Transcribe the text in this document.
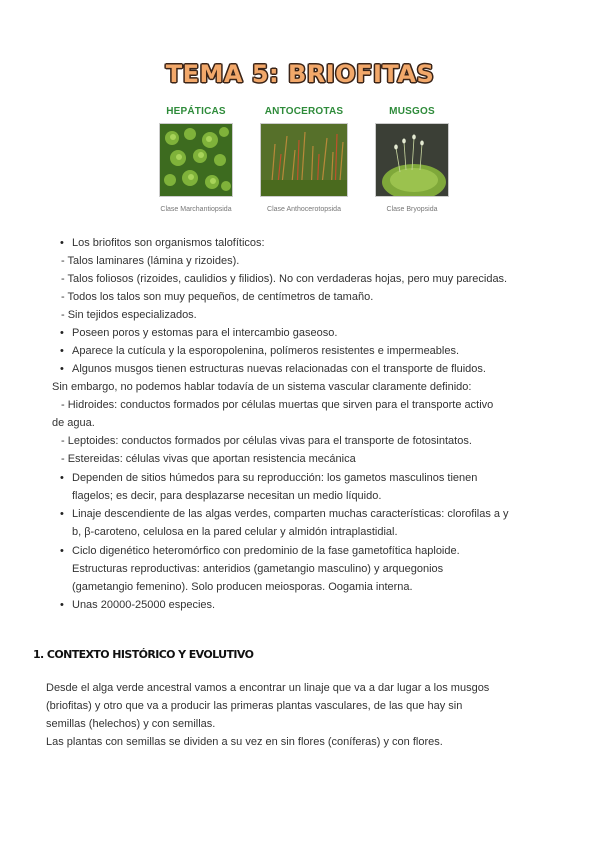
TEMA 5: BRIOFITAS
HEPÁTICAS
Clase Marchantiopsida
ANTOCEROTAS
Clase Anthocerotopsida
MUSGOS
Clase Bryopsida
• Los briofitos son organismos talofíticos:
- Talos laminares (lámina y rizoides).
- Talos foliosos (rizoides, caulidios y filidios). No con verdaderas hojas, pero muy parecidas.
- Todos los talos son muy pequeños, de centímetros de tamaño.
- Sin tejidos especializados.
• Poseen poros y estomas para el intercambio gaseoso.
• Aparece la cutícula y la esporopolenina, polímeros resistentes e impermeables.
• Algunos musgos tienen estructuras nuevas relacionadas con el transporte de fluidos.
Sin embargo, no podemos hablar todavía de un sistema vascular claramente definido:
- Hidroides: conductos formados por células muertas que sirven para el transporte activo
de agua.
- Leptoides: conductos formados por células vivas para el transporte de fotosintatos.
- Estereidas: células vivas que aportan resistencia mecánica
• Dependen de sitios húmedos para su reproducción: los gametos masculinos tienen
flagelos; es decir, para desplazarse necesitan un medio líquido.
• Linaje descendiente de las algas verdes, comparten muchas características: clorofilas a y
b, β-caroteno, celulosa en la pared celular y almidón intraplastidial.
• Ciclo digenético heteromórfico con predominio de la fase gametofítica haploide.
Estructuras reproductivas: anteridios (gametangio masculino) y arquegonios
(gametangio femenino). Solo producen meiosporas. Oogamia interna.
• Unas 20000-25000 especies.
1. CONTEXTO HISTÓRICO Y EVOLUTIVO
Desde el alga verde ancestral vamos a encontrar un linaje que va a dar lugar a los musgos
(briofitas) y otro que va a producir las primeras plantas vasculares, de las que hay sin
semillas (helechos) y con semillas.
Las plantas con semillas se dividen a su vez en sin flores (coníferas) y con flores.
